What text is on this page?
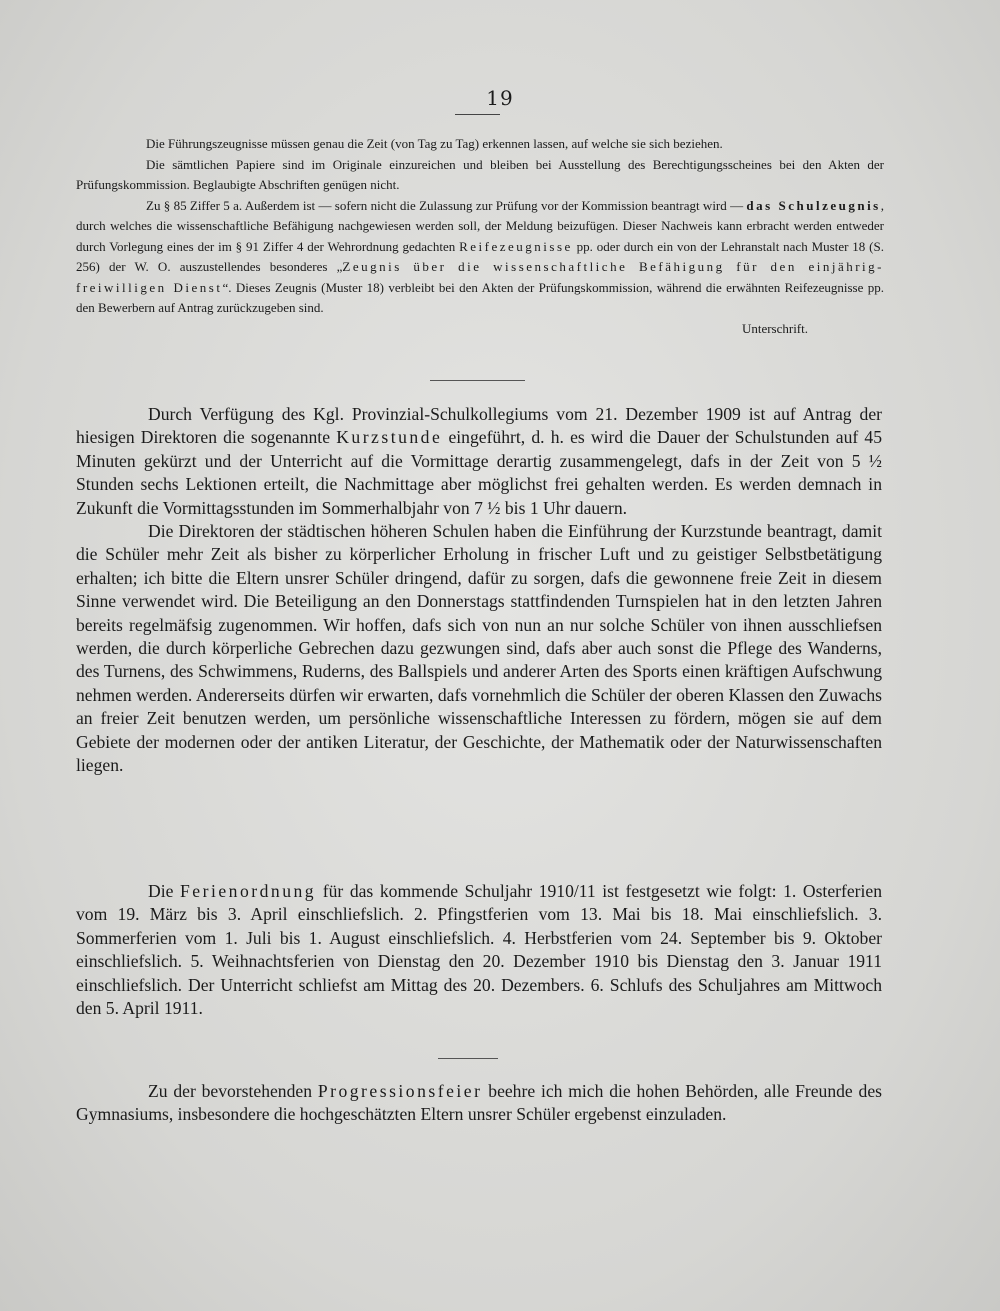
19

Die Führungszeugnisse müssen genau die Zeit (von Tag zu Tag) erkennen lassen, auf welche sie sich beziehen.

Die sämtlichen Papiere sind im Originale einzureichen und bleiben bei Ausstellung des Berechtigungsscheines bei den Akten der Prüfungskommission. Beglaubigte Abschriften genügen nicht.

Zu § 85 Ziffer 5 a. Außerdem ist — sofern nicht die Zulassung zur Prüfung vor der Kommission beantragt wird — das Schulzeugnis, durch welches die wissenschaftliche Befähigung nachgewiesen werden soll, der Meldung beizufügen. Dieser Nachweis kann erbracht werden entweder durch Vorlegung eines der im § 91 Ziffer 4 der Wehrordnung gedachten Reifezeugnisse pp. oder durch ein von der Lehranstalt nach Muster 18 (S. 256) der W. O. auszustellendes besonderes „Zeugnis über die wissenschaftliche Befähigung für den einjährig-freiwilligen Dienst“. Dieses Zeugnis (Muster 18) verbleibt bei den Akten der Prüfungskommission, während die erwähnten Reifezeugnisse pp. den Bewerbern auf Antrag zurückzugeben sind.

Unterschrift.

Durch Verfügung des Kgl. Provinzial-Schulkollegiums vom 21. Dezember 1909 ist auf Antrag der hiesigen Direktoren die sogenannte Kurzstunde eingeführt, d. h. es wird die Dauer der Schulstunden auf 45 Minuten gekürzt und der Unterricht auf die Vormittage derartig zusammengelegt, dafs in der Zeit von 5 ½ Stunden sechs Lektionen erteilt, die Nachmittage aber möglichst frei gehalten werden. Es werden demnach in Zukunft die Vormittagsstunden im Sommerhalbjahr von 7 ½ bis 1 Uhr dauern.

Die Direktoren der städtischen höheren Schulen haben die Einführung der Kurzstunde beantragt, damit die Schüler mehr Zeit als bisher zu körperlicher Erholung in frischer Luft und zu geistiger Selbstbetätigung erhalten; ich bitte die Eltern unsrer Schüler dringend, dafür zu sorgen, dafs die gewonnene freie Zeit in diesem Sinne verwendet wird. Die Beteiligung an den Donnerstags stattfindenden Turnspielen hat in den letzten Jahren bereits regelmäfsig zugenommen. Wir hoffen, dafs sich von nun an nur solche Schüler von ihnen ausschliefsen werden, die durch körperliche Gebrechen dazu gezwungen sind, dafs aber auch sonst die Pflege des Wanderns, des Turnens, des Schwimmens, Ruderns, des Ballspiels und anderer Arten des Sports einen kräftigen Aufschwung nehmen werden. Andererseits dürfen wir erwarten, dafs vornehmlich die Schüler der oberen Klassen den Zuwachs an freier Zeit benutzen werden, um persönliche wissenschaftliche Interessen zu fördern, mögen sie auf dem Gebiete der modernen oder der antiken Literatur, der Geschichte, der Mathematik oder der Naturwissenschaften liegen.

Die Ferienordnung für das kommende Schuljahr 1910/11 ist festgesetzt wie folgt: 1. Osterferien vom 19. März bis 3. April einschliefslich. 2. Pfingstferien vom 13. Mai bis 18. Mai einschliefslich. 3. Sommerferien vom 1. Juli bis 1. August einschliefslich. 4. Herbstferien vom 24. September bis 9. Oktober einschliefslich. 5. Weihnachtsferien von Dienstag den 20. Dezember 1910 bis Dienstag den 3. Januar 1911 einschliefslich. Der Unterricht schliefst am Mittag des 20. Dezembers. 6. Schlufs des Schuljahres am Mittwoch den 5. April 1911.

Zu der bevorstehenden Progressionsfeier beehre ich mich die hohen Behörden, alle Freunde des Gymnasiums, insbesondere die hochgeschätzten Eltern unsrer Schüler ergebenst einzuladen.
